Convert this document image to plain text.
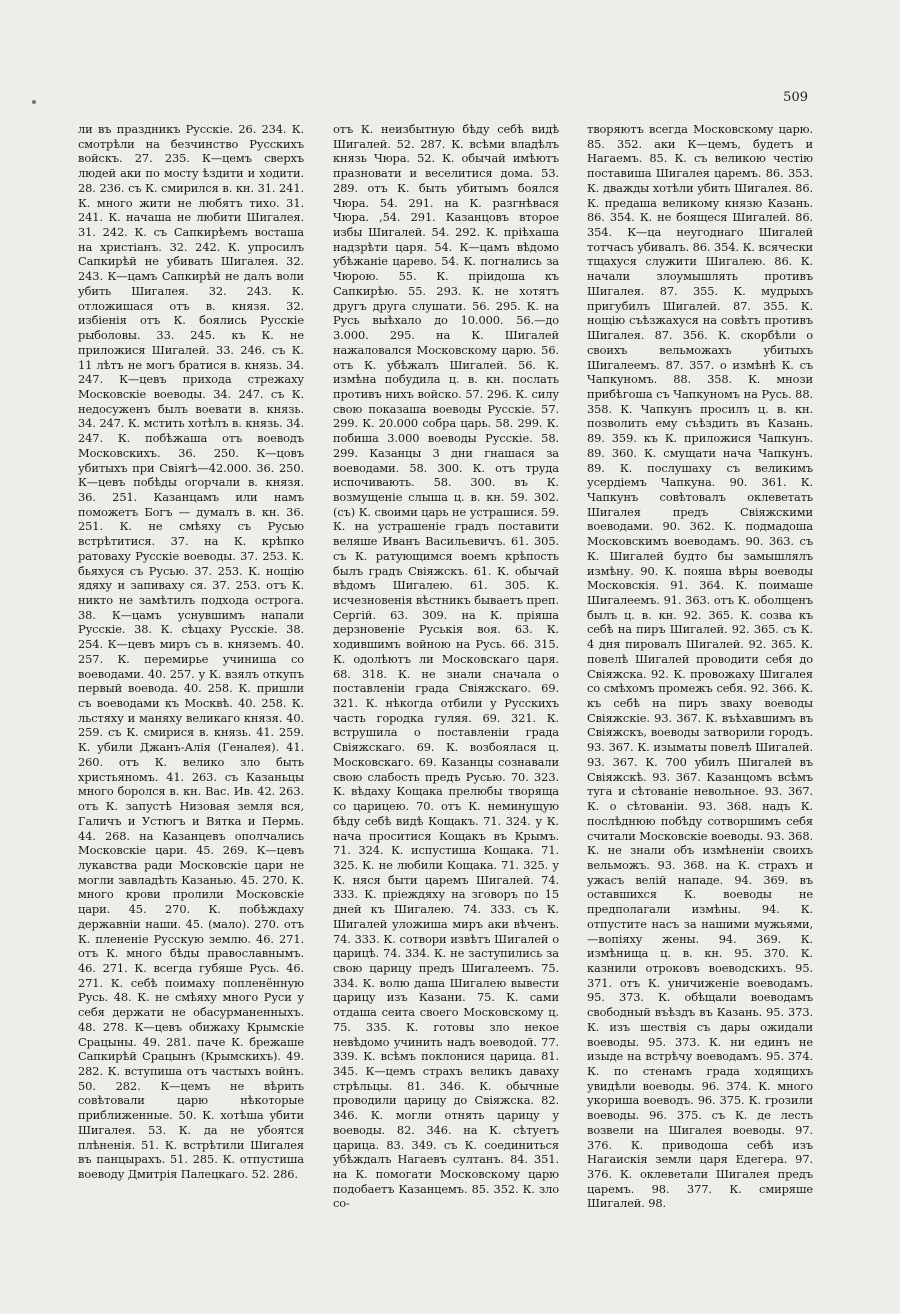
509

ли въ праздникъ Русскіе. 26. 234. К. смотрѣли на безчинство Русскихъ войскъ. 27. 235. К—цемъ сверхъ людей аки по мосту ѣздити и ходити. 28. 236. съ К. смирился в. кн. 31. 241. К. много жити не любятъ тихо. 31. 241. К. начаша не любити Шигалея. 31. 242. К. съ Сапкирѣемъ восташа на христіанъ. 32. 242. К. упросилъ Сапкирѣй не убивать Шигалея. 32. 243. К—цамъ Сапкирѣй не далъ воли убить Шигалея. 32. 243. К. отложишася отъ в. князя. 32. избіенія отъ К. боялись Русскіе рыболовы. 33. 245. къ К. не приложися Шигалей. 33. 246. съ К. 11 лѣтъ не могъ братися в. князь. 34. 247. К—цевъ прихода стрежаху Московскіе воеводы. 34. 247. съ К. недосуженъ былъ воевати в. князь. 34. 247. К. мстить хотѣлъ в. князь. 34. 247. К. побѣжаша отъ воеводъ Московскихъ. 36. 250. К—цовъ убитыхъ при Свіягѣ—42.000. 36. 250. К—цевъ побѣды огорчали в. князя. 36. 251. Казанцамъ или намъ поможетъ Богъ — думалъ в. кн. 36. 251. К. не смѣяху съ Русью встрѣтитися. 37. на К. крѣпко ратоваху Русскіе воеводы. 37. 253. К. бьяхуся съ Русью. 37. 253. К. нощію ядяху и запиваху ся. 37. 253. отъ К. никто не замѣтилъ подхода острога. 38. К—цамъ уснувшимъ напали Русскіе. 38. К. сѣцаху Русскіе. 38. 254. К—цевъ миръ съ в. княземъ. 40. 257. К. перемирье учиниша со воеводами. 40. 257. у К. взялъ откупъ первый воевода. 40. 258. К. пришли съ воеводами къ Москвѣ. 40. 258. К. льстяху и маняху великаго князя. 40. 259. съ К. смирися в. князь. 41. 259. К. убили Джанъ-Алія (Геналея). 41. 260. отъ К. велико зло быть христьяномъ. 41. 263. съ Казаньцы много боролся в. кн. Вас. Ив. 42. 263. отъ К. запустѣ Низовая земля вся, Галичъ и Устюгъ и Вятка и Пермь. 44. 268. на Казанцевъ ополчались Московскіе цари. 45. 269. К—цевъ лукавства ради Московскіе цари не могли завладѣть Казанью. 45. 270. К. много крови пролили Московскіе цари. 45. 270. К. побѣждаху державніи наши. 45. (мало). 270. отъ К. плененіе Русскую землю. 46. 271. отъ К. много бѣды православнымъ. 46. 271. К. всегда губяше Русь. 46. 271. К. себѣ поимаху попленённую Русь. 48. К. не смѣяху много Руси у себя держати не обасурманенныхъ. 48. 278. К—цевъ обижаху Крымскіе Срацыны. 49. 281. паче К. брежаше Сапкирѣй Срацынъ (Крымскихъ). 49. 282. К. вступиша отъ частыхъ войнъ. 50. 282. К—цемъ не вѣрить совѣтовали царю нѣкоторые приближенные. 50. К. хотѣша убити Шигалея. 53. К. да не убоятся плѣненія. 51. К. встрѣтили Шигалея въ панцырахъ. 51. 285. К. отпустиша воеводу Дмитрія Палецкаго. 52. 286.

отъ К. неизбытную бѣду себѣ видѣ Шигалей. 52. 287. К. всѣми владѣлъ князь Чюра. 52. К. обычай имѣютъ празновати и веселитися дома. 53. 289. отъ К. быть убитымъ боялся Чюра. 54. 291. на К. разгнѣвася Чюра. ,54. 291. Казанцовъ второе избы Шигалей. 54. 292. К. пріѣхаша надзрѣти царя. 54. К—цамъ вѣдомо убѣжаніе царево. 54. К. погнались за Чюрою. 55. К. пріидоша къ Сапкирѣю. 55. 293. К. не хотятъ другъ друга слушати. 56. 295. К. на Русь выѣхало до 10.000. 56.—до 3.000. 295. на К. Шигалей нажаловался Московскому царю. 56. отъ К. убѣжалъ Шигалей. 56. К. измѣна побудила ц. в. кн. послать противъ нихъ войско. 57. 296. К. силу свою показаша воеводы Русскіе. 57. 299. К. 20.000 собра царь. 58. 299. К. побиша 3.000 воеводы Русскіе. 58. 299. Казанцы 3 дни гнашася за воеводами. 58. 300. К. отъ труда испочивають. 58. 300. въ К. возмущеніе слыша ц. в. кн. 59. 302. (съ) К. своими царь не устрашися. 59. К. на устрашеніе градъ поставити веляше Иванъ Васильевичъ. 61. 305. съ К. ратующимся воемъ крѣпость былъ градъ Свіяжскъ. 61. К. обычай вѣдомъ Шигалею. 61. 305. К. исчезновенія вѣстникъ бываетъ преп. Сергій. 63. 309. на К. пріяша дерзновеніе Руськія воя. 63. К. ходившимъ войною на Русь. 66. 315. К. одолѣютъ ли Московскаго царя. 68. 318. К. не знали сначала о поставленіи града Свіяжскаго. 69. 321. К. нѣкогда отбили у Русскихъ часть городка гуляя. 69. 321. К. вструшила о поставленіи града Свіяжскаго. 69. К. возбоялася ц. Московскаго. 69. Казанцы сознавали свою слабость предъ Русью. 70. 323. К. вѣдаху Кощака прелюбы творяща со царицею. 70. отъ К. неминущую бѣду себѣ видѣ Кощакъ. 71. 324. у К. нача проситися Кощакъ въ Крымъ. 71. 324. К. испустиша Кощака. 71. 325. К. не любили Кощака. 71. 325. у К. няся быти царемъ Шигалей. 74. 333. К. пріеждяху на зговоръ по 15 дней къ Шигалею. 74. 333. съ К. Шигалей уложиша миръ аки вѣченъ. 74. 333. К. сотвори извѣтъ Шигалей о царицѣ. 74. 334. К. не заступились за свою царицу предъ Шигалеемъ. 75. 334. К. волю даша Шигалею вывести царицу изъ Казани. 75. К. сами отдаша сеита своего Московскому ц. 75. 335. К. готовы зло некое невѣдомо учинить надъ воеводой. 77. 339. К. всѣмъ поклонися царица. 81. 345. К—цемъ страхъ великъ даваху стрѣльцы. 81. 346. К. обычные проводили царицу до Свіяжска. 82. 346. К. могли отнять царицу у воеводы. 82. 346. на К. сѣтуетъ царица. 83. 349. съ К. соединиться убѣждалъ Нагаевъ султанъ. 84. 351. на К. помогати Московскому царю подобаетъ Казанцемъ. 85. 352. К. зло со-

творяютъ всегда Московскому царю. 85. 352. аки К—цемъ, будетъ и Нагаемъ. 85. К. съ великою честію поставиша Шигалея царемъ. 86. 353. К. дважды хотѣли убить Шигалея. 86. К. предаша великому князю Казань. 86. 354. К. не боящеся Шигалей. 86. 354. К—ца неугоднаго Шигалей тотчасъ убивалъ. 86. 354. К. всячески тщахуся служити Шигалею. 86. К. начали злоумышлять противъ Шигалея. 87. 355. К. мудрыхъ пригубилъ Шигалей. 87. 355. К. нощію съѣзжахуся на совѣтъ противъ Шигалея. 87. 356. К. скорбѣли о своихъ вельможахъ убитыхъ Шигалеемъ. 87. 357. о измѣнѣ К. съ Чапкуномъ. 88. 358. К. мнози прибѣгоша съ Чапкуномъ на Русь. 88. 358. К. Чапкунъ просилъ ц. в. кн. позволить ему съѣздить въ Казань. 89. 359. къ К. приложися Чапкунъ. 89. 360. К. смущати нача Чапкунъ. 89. К. послушаху съ великимъ усердіемъ Чапкуна. 90. 361. К. Чапкунъ совѣтовалъ оклеветать Шигалея предъ Свіяжскими воеводами. 90. 362. К. подмадоша Московскимъ воеводамъ. 90. 363. съ К. Шигалей будто бы замышлялъ измѣну. 90. К. пояша вѣры воеводы Московскія. 91. 364. К. поимаше Шигалеемъ. 91. 363. отъ К. оболщенъ былъ ц. в. кн. 92. 365. К. созва къ себѣ на пиръ Шигалей. 92. 365. съ К. 4 дня пировалъ Шигалей. 92. 365. К. повелѣ Шигалей проводити себя до Свіяжска. 92. К. провожаху Шигалея со смѣхомъ промежъ себя. 92. 366. К. къ себѣ на пиръ зваху воеводы Свіяжскіе. 93. 367. К. въѣхавшимъ въ Свіяжскъ, воеводы затворили городъ. 93. 367. К. изыматы повелѣ Шигалей. 93. 367. К. 700 убилъ Шигалей въ Свіяжскѣ. 93. 367. Казанцомъ всѣмъ туга и сѣтованіе невольное. 93. 367. К. о сѣтованіи. 93. 368. надъ К. послѣднюю побѣду сотворшимъ себя считали Московскіе воеводы. 93. 368. К. не знали объ измѣненіи своихъ вельможъ. 93. 368. на К. страхъ и ужасъ велій нападе. 94. 369. въ оставшихся К. воеводы не предполагали измѣны. 94. К. отпустите насъ за нашими мужьями,—вопіяху жены. 94. 369. К. измѣнища ц. в. кн. 95. 370. К. казнили отроковъ воеводскихъ. 95. 371. отъ К. уничиженіе воеводамъ. 95. 373. К. обѣщали воеводамъ свободный въѣздъ въ Казань. 95. 373. К. изъ шествія съ дары ожидали воеводы. 95. 373. К. ни единъ не изыде на встрѣчу воеводамъ. 95. 374. К. по стенамъ града ходящихъ увидѣли воеводы. 96. 374. К. много укориша воеводъ. 96. 375. К. грозили воеводы. 96. 375. съ К. де лесть возвели на Шигалея воеводы. 97. 376. К. приводоша себѣ изъ Нагаискія земли царя Едегера. 97. 376. К. оклеветали Шигалея предъ царемъ. 98. 377. К. смиряше Шигалей. 98.
